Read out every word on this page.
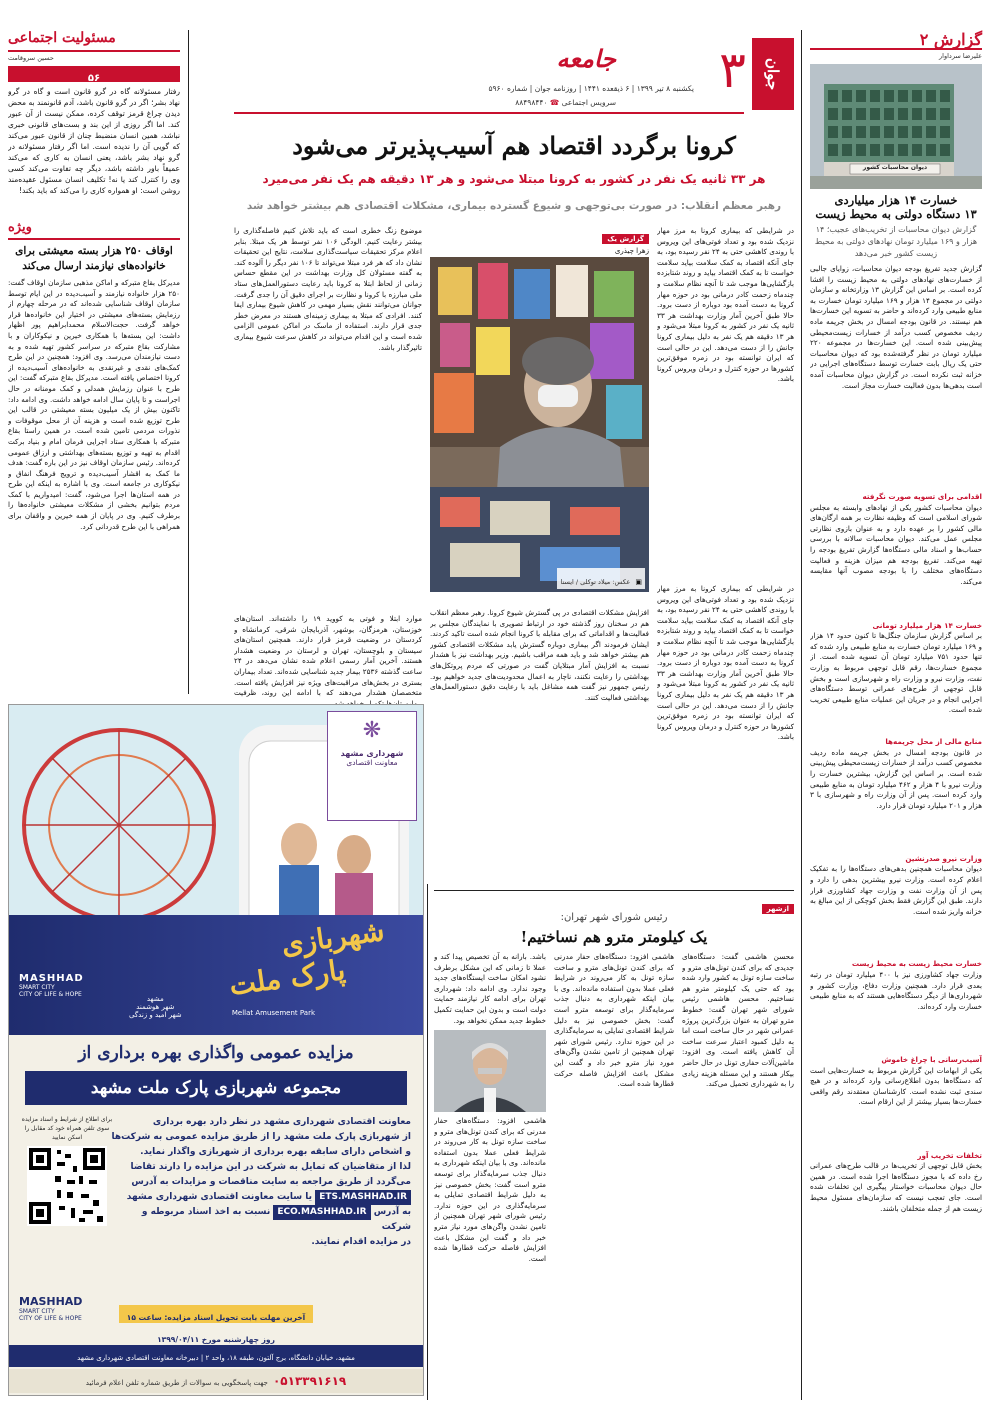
گزارش ۲
علیرضا سرداوار
دیوان محاسبات کشور
خسارت ۱۴ هزار میلیاردی
۱۳ دستگاه دولتی به محیط زیست
گزارش دیوان محاسبات از تخریب‌های عجیب؛ ۱۴ هزار و ۱۶۹ میلیارد تومان نهادهای دولتی به محیط زیست کشور خبر می‌دهد
گزارش جدید تفریغ بودجه دیوان محاسبات، زوایای جالبی از خسارت‌های نهادهای دولتی به محیط زیست را افشا کرده است. بر اساس این گزارش ۱۳ وزارتخانه و سازمان دولتی در مجموع ۱۴ هزار و ۱۶۹ میلیارد تومان خسارت به منابع طبیعی وارد کرده‌اند و حاضر به تسویه این خسارت‌ها هم نیستند. در قانون بودجه امسال در بخش جریمه ماده ردیف مخصوص کسب درآمد از خسارات زیست‌محیطی پیش‌بینی شده است. این خسارت‌ها در مجموعه ۲۲۰ میلیارد تومان در نظر گرفته‌شده بود که دیوان محاسبات حتی یک ریال بابت خسارت توسط دستگاه‌های اجرایی در خزانه ثبت نکرده است. در گزارش دیوان محاسبات آمده است بدهی‌ها بدون فعالیت خسارت مجاز است.
اقدامی برای تسویه صورت نگرفته
دیوان محاسبات کشور یکی از نهادهای وابسته به مجلس شورای اسلامی است که وظیفه نظارت بر همه ارگان‌های مالی کشور را بر عهده دارد و به عنوان بازوی نظارتی مجلس عمل می‌کند. دیوان محاسبات سالانه با بررسی حساب‌ها و اسناد مالی دستگاه‌ها گزارش تفریغ بودجه را تهیه می‌کند. تفریغ بودجه هم میزان هزینه و فعالیت دستگاه‌های مختلف را با بودجه مصوب آنها مقایسه می‌کند.
خسارت ۱۴ هزار میلیارد تومانی
بر اساس گزارش سازمان جنگل‌ها تا کنون حدود ۱۴ هزار و ۱۶۹ میلیارد تومان خسارت به منابع طبیعی وارد شده که تنها حدود ۷۵۱ میلیارد تومان آن تسویه شده است. از مجموع خسارت‌ها، رقم قابل توجهی مربوط به وزارت نفت، وزارت نیرو و وزارت راه و شهرسازی است و بخش قابل توجهی از طرح‌های عمرانی توسط دستگاه‌های اجرایی انجام و در جریان این عملیات منابع طبیعی تخریب شده است.
منابع مالی از محل جریمه‌ها
در قانون بودجه امسال در بخش جریمه ماده ردیف مخصوص کسب درآمد از خسارات زیست‌محیطی پیش‌بینی شده است. بر اساس این گزارش، بیشترین خسارت را وزارت نیرو با ۴ هزار و ۴۶۲ میلیارد تومان به منابع طبیعی وارد کرده است. پس از آن وزارت راه و شهرسازی با ۳ هزار و ۲۰۱ میلیارد تومان قرار دارد.
وزارت نیرو صدرنشین
دیوان محاسبات همچنین بدهی‌های دستگاه‌ها را به تفکیک اعلام کرده است. وزارت نیرو بیشترین بدهی را دارد و پس از آن وزارت نفت و وزارت جهاد کشاورزی قرار دارند. طبق این گزارش فقط بخش کوچکی از این مبالغ به خزانه واریز شده است.
خسارت محیط زیست به محیط زیست
وزارت جهاد کشاورزی نیز با ۴۰۰ میلیارد تومان در رتبه بعدی قرار دارد. همچنین وزارت دفاع، وزارت کشور و شهرداری‌ها از دیگر دستگاه‌هایی هستند که به منابع طبیعی خسارت وارد کرده‌اند.
آسیب‌رسانی با چراغ خاموش
یکی از ابهامات این گزارش مربوط به خسارت‌هایی است که دستگاه‌ها بدون اطلاع‌رسانی وارد کرده‌اند و در هیچ سندی ثبت نشده است. کارشناسان معتقدند رقم واقعی خسارت‌ها بسیار بیشتر از این ارقام است.
تخلفات تخریب آور
بخش قابل توجهی از تخریب‌ها در قالب طرح‌های عمرانی رخ داده که با مجوز دستگاه‌ها اجرا شده است. در همین حال دیوان محاسبات خواستار پیگیری این تخلفات شده است. جای تعجب نیست که سازمان‌های مسئول محیط زیست هم از جمله متخلفان باشند.
جوان
۳
جامعه
یکشنبه ۸ تیر ۱۳۹۹ | ۶ ذیقعده ۱۴۴۱ | روزنامه جوان | شماره ۵۹۶۰
سرویس اجتماعی ☎ ۸۸۴۹۸۴۴۰
کرونا برگردد اقتصاد هم آسیب‌پذیرتر می‌شود
هر ۳۳ ثانیه یک نفر در کشور به کرونا مبتلا می‌شود و هر ۱۳ دقیقه هم یک نفر می‌میرد
رهبر معظم انقلاب: در صورت بی‌توجهی و شیوع گسترده بیماری، مشکلات اقتصادی هم بیشتر خواهد شد
در شرایطی که بیماری کرونا به مرز مهار نزدیک شده بود و تعداد فوتی‌های این ویروس با روندی کاهشی حتی به ۲۴ نفر رسیده بود، به جای آنکه اقتصاد به کمک سلامت بیاید سلامت خواست تا به کمک اقتصاد بیاید و روند شتابزده بازگشایی‌ها موجب شد تا آنچه نظام سلامت و چندماه زحمت کادر درمانی بود در حوزه مهار کرونا به دست آمده بود دوباره از دست برود. حالا طبق آخرین آمار وزارت بهداشت هر ۳۳ ثانیه یک نفر در کشور به کرونا مبتلا می‌شود و هر ۱۳ دقیقه هم یک نفر به دلیل بیماری کرونا جانش را از دست می‌دهد. این در حالی است که ایران توانسته بود در زمره موفق‌ترین کشورها در حوزه کنترل و درمان ویروس کرونا باشد.
گزارش یک
زهرا چیذری
▣ عکس: میلاد توکلی / ایسنا
موضوع زنگ خطری است که باید تلاش کنیم فاصله‌گذاری را بیشتر رعایت کنیم. الودگی ۱۰۶ نفر توسط هر یک مبتلا. بنابر اعلام مرکز تحقیقات سیاست‌گذاری سلامت، نتایج این تحقیقات نشان داد که هر فرد مبتلا می‌تواند تا ۱۰۶ نفر دیگر را آلوده کند. به گفته مسئولان کل وزارت بهداشت در این مقطع حساس زمانی از لحاظ ابتلا به کرونا باید رعایت دستورالعمل‌های ستاد ملی مبارزه با کرونا و نظارت بر اجرای دقیق آن را جدی گرفت. جوانان می‌توانند نقش بسیار مهمی در کاهش شیوع بیماری ایفا کنند. افرادی که مبتلا به بیماری زمینه‌ای هستند در معرض خطر جدی قرار دارند. استفاده از ماسک در اماکن عمومی الزامی شده است و این اقدام می‌تواند در کاهش سرعت شیوع بیماری تاثیرگذار باشد.
افزایش مشکلات اقتصادی در پی گسترش شیوع کرونا. رهبر معظم انقلاب هم در سخنان روز گذشته خود در ارتباط تصویری با نمایندگان مجلس بر فعالیت‌ها و اقداماتی که برای مقابله با کرونا انجام شده است تاکید کردند. ایشان فرمودند اگر بیماری دوباره گسترش یابد مشکلات اقتصادی کشور هم بیشتر خواهد شد و باید همه مراقب باشیم. وزیر بهداشت نیز با هشدار نسبت به افزایش آمار مبتلایان گفت در صورتی که مردم پروتکل‌های بهداشتی را رعایت نکنند، ناچار به اعمال محدودیت‌های جدید خواهیم بود. رئیس جمهور نیز گفت همه مشاغل باید با رعایت دقیق دستورالعمل‌های بهداشتی فعالیت کنند.
موارد ابتلا و فوتی به کووید ۱۹ را داشته‌اند. استان‌های خوزستان، هرمزگان، بوشهر، آذربایجان شرقی، کرمانشاه و کردستان در وضعیت قرمز قرار دارند. همچنین استان‌های سیستان و بلوچستان، تهران و لرستان در وضعیت هشدار هستند. آخرین آمار رسمی اعلام شده نشان می‌دهد در ۲۴ ساعت گذشته ۲۵۳۶ بیمار جدید شناسایی شده‌اند. تعداد بیماران بستری در بخش‌های مراقبت‌های ویژه نیز افزایش یافته است. متخصصان هشدار می‌دهند که با ادامه این روند، ظرفیت
در شرایطی که بیماری کرونا به مرز مهار نزدیک شده بود و تعداد فوتی‌های این ویروس با روندی کاهشی حتی به ۲۴ نفر رسیده بود، به جای آنکه اقتصاد به کمک سلامت بیاید سلامت خواست تا به کمک اقتصاد بیاید و روند شتابزده بازگشایی‌ها موجب شد تا آنچه نظام سلامت و چندماه زحمت کادر درمانی بود در حوزه مهار کرونا به دست آمده بود دوباره از دست برود. حالا طبق آخرین آمار وزارت بهداشت هر ۳۳ ثانیه یک نفر در کشور به کرونا مبتلا می‌شود و هر ۱۳ دقیقه هم یک نفر به دلیل بیماری کرونا جانش را از دست می‌دهد. این در حالی است که ایران توانسته بود در زمره موفق‌ترین کشورها در حوزه کنترل و درمان ویروس کرونا باشد.
ازشهر
رئیس شورای شهر تهران:
یک کیلومتر مترو هم نساختیم!
محسن هاشمی گفت: دستگاه‌های جدیدی که برای کندن تونل‌های مترو و ساخت سازه تونل به کشور وارد شده بود که حتی یک کیلومتر مترو هم نساختیم. محسن هاشمی رئیس شورای شهر تهران گفت: خطوط مترو تهران به عنوان بزرگ‌ترین پروژه عمرانی شهر در حال ساخت است اما به دلیل کمبود اعتبار سرعت ساخت آن کاهش یافته است. وی افزود: ماشین‌آلات حفاری تونل در حال حاضر بیکار هستند و این مسئله هزینه زیادی را به شهرداری تحمیل می‌کند.
هاشمی افزود: دستگاه‌های حفار مدرنی که برای کندن تونل‌های مترو و ساخت سازه تونل به کار می‌روند در شرایط فعلی عملا بدون استفاده مانده‌اند. وی با بیان اینکه شهرداری به دنبال جذب سرمایه‌گذار برای توسعه مترو است گفت: بخش خصوصی نیز به دلیل شرایط اقتصادی تمایلی به سرمایه‌گذاری در این حوزه ندارد. رئیس شورای شهر تهران همچنین از تامین نشدن واگن‌های مورد نیاز مترو خبر داد و گفت این مشکل باعث افزایش فاصله حرکت قطارها شده است.
باشد. بارانه به آن تخصیص پیدا کند و عملا تا زمانی که این مشکل برطرف نشود امکان ساخت ایستگاه‌های جدید وجود ندارد. وی ادامه داد: شهرداری تهران برای ادامه کار نیازمند حمایت دولت است و بدون این حمایت تکمیل خطوط جدید ممکن نخواهد بود.
هاشمی افزود: دستگاه‌های حفار مدرنی که برای کندن تونل‌های مترو و ساخت سازه تونل به کار می‌روند در شرایط فعلی عملا بدون استفاده مانده‌اند. وی با بیان اینکه شهرداری به دنبال جذب سرمایه‌گذار برای توسعه مترو است گفت: بخش خصوصی نیز به دلیل شرایط اقتصادی تمایلی به سرمایه‌گذاری در این حوزه ندارد. رئیس شورای شهر تهران همچنین از تامین نشدن واگن‌های مورد نیاز مترو خبر داد و گفت این مشکل باعث افزایش فاصله حرکت قطارها شده است.
❋
شهرداری مشهد
معاونت اقتصادی
شهربازی
پارک ملت
Mellat Amusement Park
MASHHAD
SMART CITY
CITY OF LIFE & HOPE
مشهد
شهر هوشمند
شهر امید و زندگی
مزایده عمومی واگذاری بهره برداری از
مجموعه شهربازی پارک ملت مشهد
معاونت اقتصادی شهرداری مشهد در نظر دارد بهره برداری
از شهربازی پارک ملت مشهد را از طریق مزایده عمومی به شرکت‌ها
و اشخاص دارای سابقه بهره برداری از شهربازی واگذار نماید.
لذا از متقاضیان که تمایل به شرکت در این مزایده را دارند تقاضا
می‌گردد از طریق مراجعه به سایت مناقصات و مزایدات به آدرس
ETS.MASHHAD.IR یا سایت معاونت اقتصادی شهرداری مشهد
به آدرس ECO.MASHHAD.IR نسبت به اخذ اسناد مربوطه و شرکت
در مزایده اقدام نمایند.
برای اطلاع از شرایط و اسناد مزایده سوی تلفن همراه خود کد مقابل را اسکن نمایید
MASHHAD
SMART CITY
CITY OF LIFE & HOPE	آخرین مهلت بابت تحویل اسناد مزایده: ساعت ۱۵ روز چهارشنبه مورخ ۱۳۹۹/۰۴/۱۱
مشهد، خیابان دانشگاه، برج آلتون، طبقه ۱۸، واحد ۲ | دبیرخانه معاونت اقتصادی شهرداری مشهد
۰۵۱۳۳۹۱۶۱۹ جهت پاسخگویی به سوالات از طریق شماره تلفن اعلام فرمائید
مسئولیت اجتماعی
حسین سروقامت
۵۶
رفتار مسئولانه گاه در گرو قانون است و گاه در گرو نهاد بشر؛ اگر در گرو قانون باشد، آدم قانونمند به محض دیدن چراغ قرمز توقف کرده، ممکن نیست از آن عبور کند. اما اگر روزی از این بند و بست‌های قانونی خبری نباشد، همین انسان منضبط چنان از قانون عبور می‌کند که گویی آن را ندیده است. اما اگر رفتار مسئولانه در گرو نهاد بشر باشد، یعنی انسان به کاری که می‌کند عمیقاً باور داشته باشد، دیگر چه تفاوت می‌کند کسی وی را کنترل کند یا نه! تکلیف انسان مسئول عقیده‌مند روشن است: او همواره کاری را می‌کند که باید بکند!
ویژه
اوقاف ۲۵۰ هزار بسته معیشتی برای خانواده‌های نیازمند ارسال می‌کند
مدیرکل بقاع متبرکه و اماکن مذهبی سازمان اوقاف گفت: ۲۵۰ هزار خانواده نیازمند و آسیب‌دیده در این ایام توسط سازمان اوقاف شناسایی شده‌اند که در مرحله چهارم از رزمایش بسته‌های معیشتی در اختیار این خانواده‌ها قرار خواهد گرفت. حجت‌الاسلام محمدابراهیم پور اظهار داشت: این بسته‌ها با همکاری خیرین و نیکوکاران و با مشارکت بقاع متبرکه در سراسر کشور تهیه شده و به دست نیازمندان می‌رسد. وی افزود: همچنین در این طرح کمک‌های نقدی و غیرنقدی به خانواده‌های آسیب‌دیده از کرونا اختصاص یافته است. مدیرکل بقاع متبرکه گفت: این طرح با عنوان رزمایش همدلی و کمک مومنانه در حال اجراست و تا پایان سال ادامه خواهد داشت. وی ادامه داد: تاکنون بیش از یک میلیون بسته معیشتی در قالب این طرح توزیع شده است و هزینه آن از محل موقوفات و نذورات مردمی تامین شده است. در همین راستا بقاع متبرکه با همکاری ستاد اجرایی فرمان امام و بنیاد برکت اقدام به تهیه و توزیع بسته‌های بهداشتی و ارزاق عمومی کرده‌اند. رئیس سازمان اوقاف نیز در این باره گفت: هدف ما کمک به اقشار آسیب‌دیده و ترویج فرهنگ انفاق و نیکوکاری در جامعه است. وی با اشاره به اینکه این طرح در همه استان‌ها اجرا می‌شود، گفت: امیدواریم با کمک مردم بتوانیم بخشی از مشکلات معیشتی خانواده‌ها را برطرف کنیم. وی در پایان از همه خیرین و واقفان برای همراهی با این طرح قدردانی کرد.
